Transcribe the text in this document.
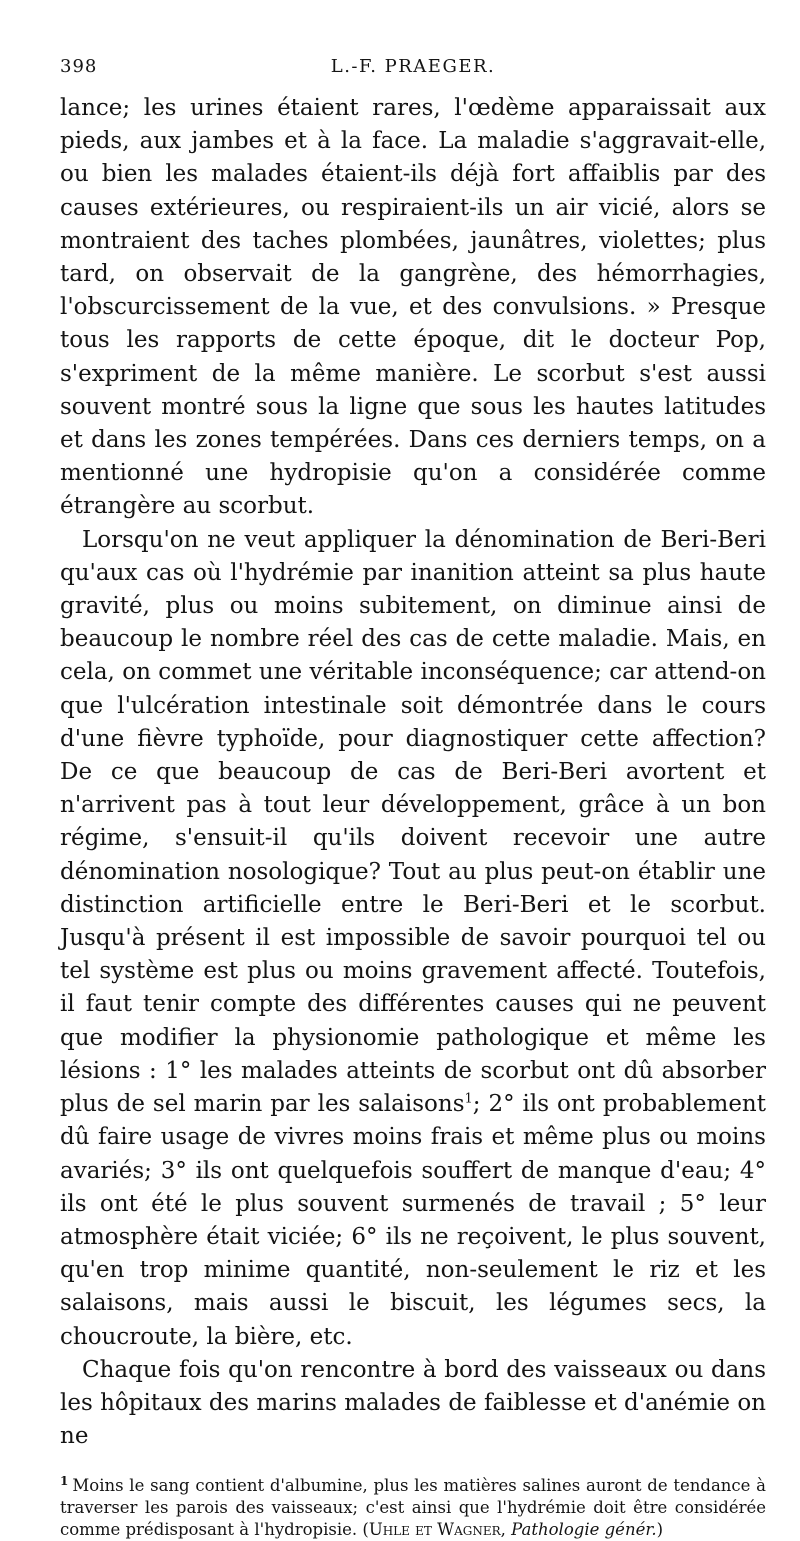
398	L.-F. PRAEGER.

lance; les urines étaient rares, l'œdème apparaissait aux pieds, aux jambes et à la face. La maladie s'aggravait-elle, ou bien les malades étaient-ils déjà fort affaiblis par des causes extérieures, ou respiraient-ils un air vicié, alors se montraient des taches plombées, jaunâtres, violettes; plus tard, on observait de la gangrène, des hémorrhagies, l'obscurcissement de la vue, et des convulsions. » Presque tous les rapports de cette époque, dit le docteur Pop, s'expriment de la même manière. Le scorbut s'est aussi souvent montré sous la ligne que sous les hautes latitudes et dans les zones tempérées. Dans ces derniers temps, on a mentionné une hydropisie qu'on a considérée comme étrangère au scorbut.

Lorsqu'on ne veut appliquer la dénomination de Beri-Beri qu'aux cas où l'hydrémie par inanition atteint sa plus haute gravité, plus ou moins subitement, on diminue ainsi de beaucoup le nombre réel des cas de cette maladie. Mais, en cela, on commet une véritable inconséquence; car attend-on que l'ulcération intestinale soit démontrée dans le cours d'une fièvre typhoïde, pour diagnostiquer cette affection? De ce que beaucoup de cas de Beri-Beri avortent et n'arrivent pas à tout leur développement, grâce à un bon régime, s'ensuit-il qu'ils doivent recevoir une autre dénomination nosologique? Tout au plus peut-on établir une distinction artificielle entre le Beri-Beri et le scorbut. Jusqu'à présent il est impossible de savoir pourquoi tel ou tel système est plus ou moins gravement affecté. Toutefois, il faut tenir compte des différentes causes qui ne peuvent que modifier la physionomie pathologique et même les lésions : 1° les malades atteints de scorbut ont dû absorber plus de sel marin par les salaisons$^1$; 2° ils ont probablement dû faire usage de vivres moins frais et même plus ou moins avariés; 3° ils ont quelquefois souffert de manque d'eau; 4° ils ont été le plus souvent surmenés de travail ; 5° leur atmosphère était viciée; 6° ils ne reçoivent, le plus souvent, qu'en trop minime quantité, non-seulement le riz et les salaisons, mais aussi le biscuit, les légumes secs, la choucroute, la bière, etc.

Chaque fois qu'on rencontre à bord des vaisseaux ou dans les hôpitaux des marins malades de faiblesse et d'anémie on ne

$^1$ Moins le sang contient d'albumine, plus les matières salines auront de tendance à traverser les parois des vaisseaux; c'est ainsi que l'hydrémie doit être considérée comme prédisposant à l'hydropisie. (Uhle et Wagner, Pathologie génér.)
